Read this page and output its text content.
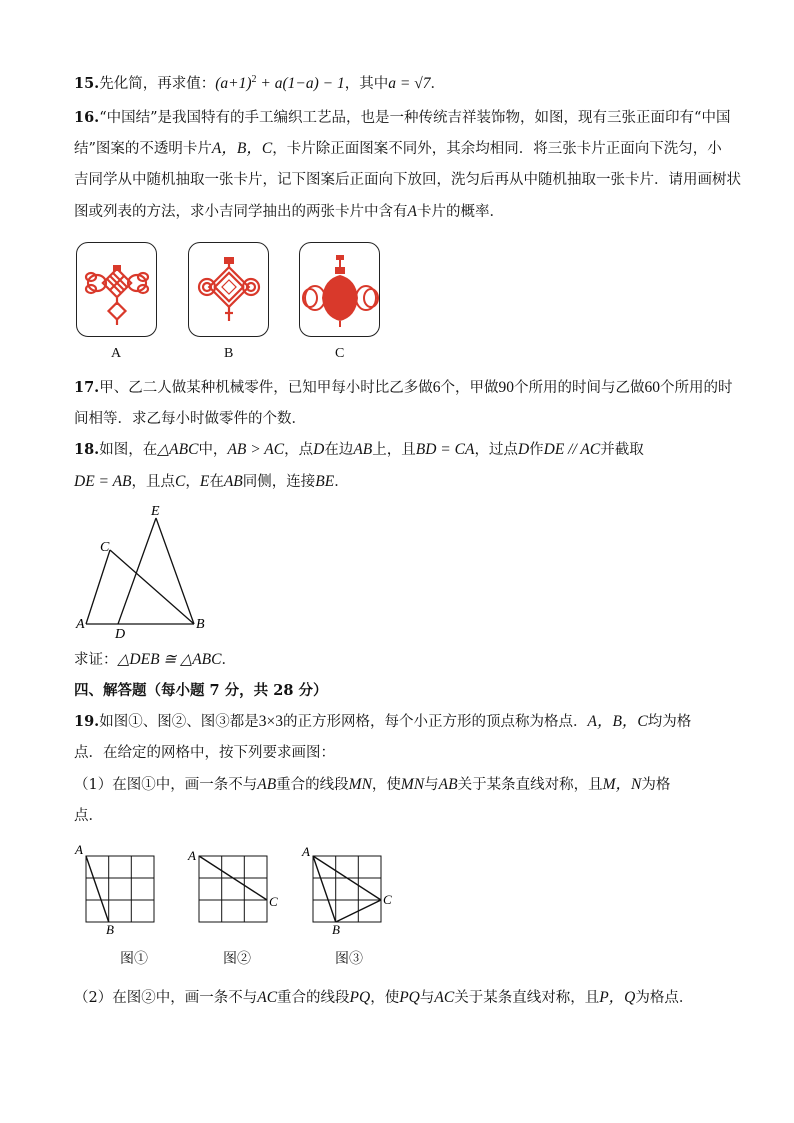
15.先化简，再求值：$(a+1)^2 + a(1-a) - 1$，其中a = √7．
16.“中国结”是我国特有的手工编织工艺品，也是一种传统吉祥装饰物，如图，现有三张正面印有“中国
结”图案的不透明卡片A，B，C，卡片除正面图案不同外，其余均相同．将三张卡片正面向下洗匀，小
吉同学从中随机抽取一张卡片，记下图案后正面向下放回，洗匀后再从中随机抽取一张卡片．请用画树状
图或列表的方法，求小吉同学抽出的两张卡片中含有A卡片的概率．
A	B	C
17.甲、乙二人做某种机械零件，已知甲每小时比乙多做6个，甲做90个所用的时间与乙做60个所用的时
间相等．求乙每小时做零件的个数．
18.如图，在△ABC中，AB > AC，点D在边AB上，且BD = CA，过点D作DE // AC并截取
DE = AB，且点C，E在AB同侧，连接BE．
A	B
C
D
E
求证：△DEB ≅ △ABC．
四、解答题（每小题 7 分，共 28 分）
19.如图①、图②、图③都是3×3的正方形网格，每个小正方形的顶点称为格点．A，B，C均为格
点．在给定的网格中，按下列要求画图：
（1）在图①中，画一条不与AB重合的线段MN，使MN与AB关于某条直线对称，且M，N为格
点．
A
B
A
C
A
B
C
图①	图②	图③
（2）在图②中，画一条不与AC重合的线段PQ，使PQ与AC关于某条直线对称，且P，Q为格点．
